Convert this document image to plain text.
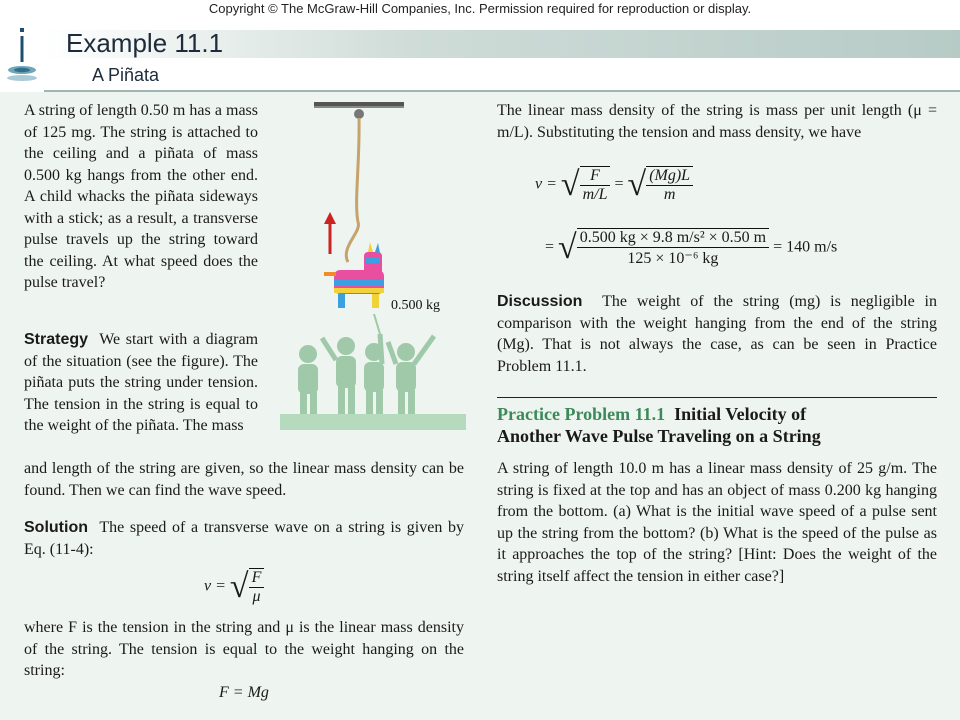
Copyright © The McGraw-Hill Companies, Inc. Permission required for reproduction or display.
Example 11.1
A Piñata

A string of length 0.50 m has a mass of 125 mg. The string is attached to the ceiling and a piñata of mass 0.500 kg hangs from the other end. A child whacks the piñata sideways with a stick; as a result, a transverse pulse travels up the string toward the ceiling. At what speed does the pulse travel?

Strategy We start with a diagram of the situation (see the figure). The piñata puts the string under tension. The tension in the string is equal to the weight of the piñata. The mass

and length of the string are given, so the linear mass density can be found. Then we can find the wave speed.

Solution The speed of a transverse wave on a string is given by Eq. (11-4):

v = √ $\frac{F}{\mu}$

where F is the tension in the string and μ is the linear mass density of the string. The tension is equal to the weight hanging on the string:

F = Mg
0.500 kg

The linear mass density of the string is mass per unit length (μ = m/L). Substituting the tension and mass density, we have

v = √ $\frac{F}{m/L}$ = √ $\frac{(Mg)L}{m}$
= √ $\frac{\text{0.500 kg × 9.8 m/s² × 0.50 m}}{\text{125 × 10⁻⁶ kg}} = 140$ m/s

Discussion The weight of the string (mg) is negligible in comparison with the weight hanging from the end of the string (Mg). That is not always the case, as can be seen in Practice Problem 11.1.

Practice Problem 11.1 Initial Velocity of
Another Wave Pulse Traveling on a String

A string of length 10.0 m has a linear mass density of 25 g/m. The string is fixed at the top and has an object of mass 0.200 kg hanging from the bottom. (a) What is the initial wave speed of a pulse sent up the string from the bottom? (b) What is the speed of the pulse as it approaches the top of the string? [Hint: Does the weight of the string itself affect the tension in either case?]
